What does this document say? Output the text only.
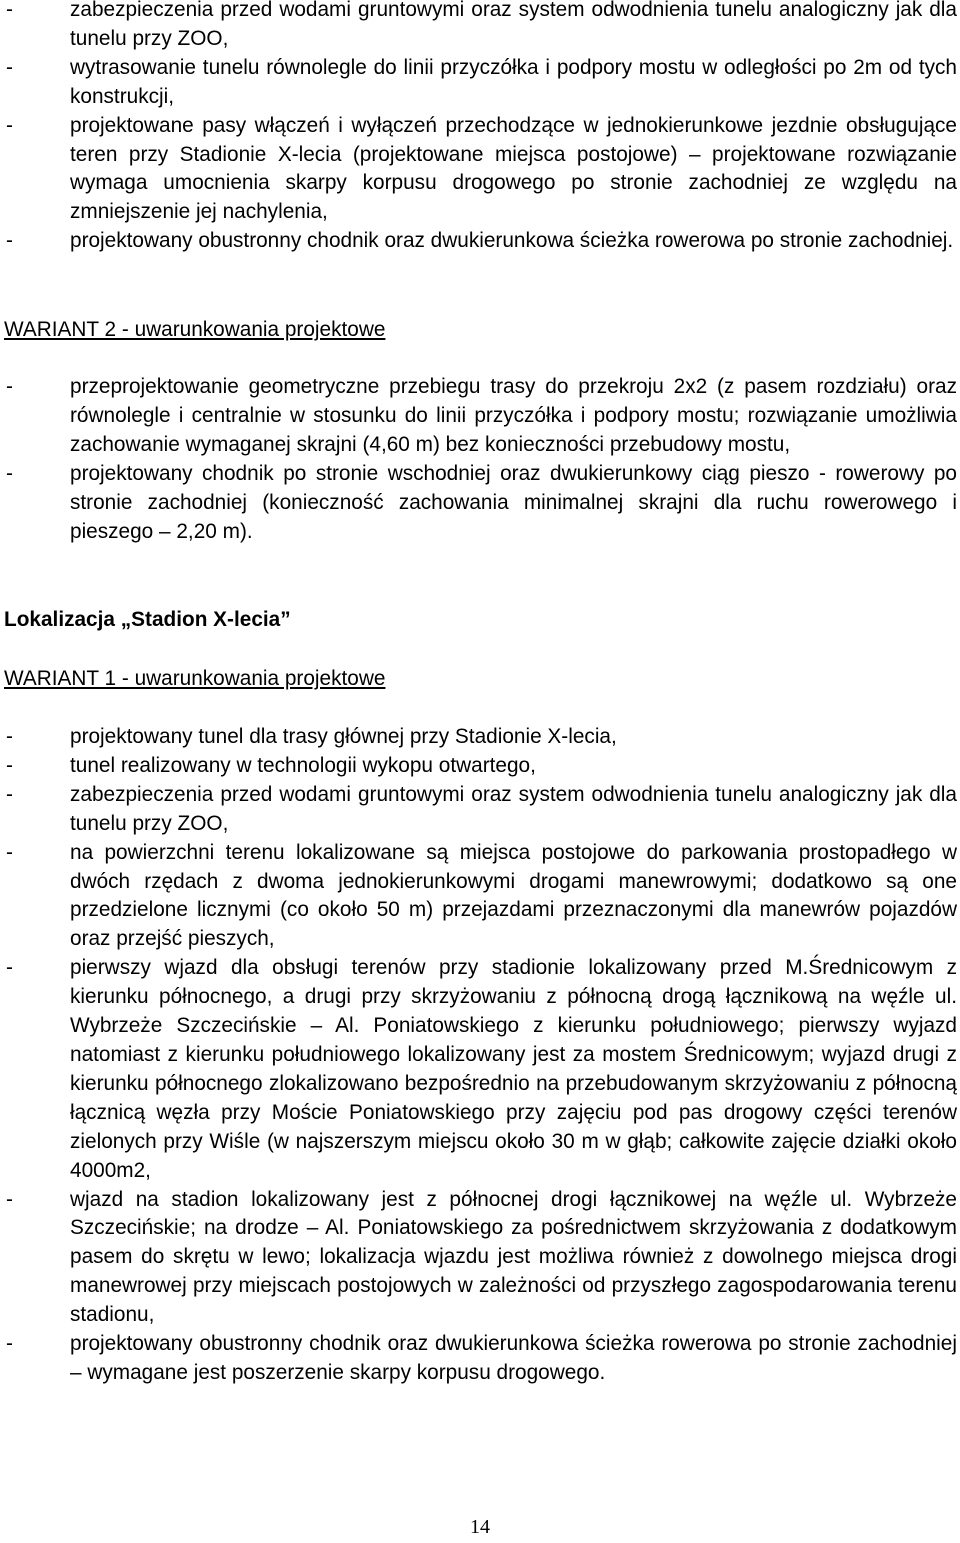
-	zabezpieczenia przed wodami gruntowymi oraz system odwodnienia tunelu analogiczny jak dla tunelu przy ZOO,
-	wytrasowanie tunelu równolegle do linii przyczółka i podpory mostu w odległości po 2m od tych konstrukcji,
-	projektowane pasy włączeń i wyłączeń przechodzące w jednokierunkowe jezdnie obsługujące teren przy Stadionie X-lecia (projektowane miejsca postojowe) – projektowane rozwiązanie wymaga umocnienia skarpy korpusu drogowego po stronie zachodniej ze względu na zmniejszenie jej nachylenia,
-	projektowany obustronny chodnik oraz dwukierunkowa ścieżka rowerowa po stronie zachodniej.

WARIANT 2 - uwarunkowania projektowe

-	przeprojektowanie geometryczne przebiegu trasy do przekroju 2x2 (z pasem rozdziału) oraz równolegle i centralnie w stosunku do linii przyczółka i podpory mostu; rozwiązanie umożliwia zachowanie wymaganej skrajni (4,60 m) bez konieczności przebudowy mostu,
-	projektowany chodnik po stronie wschodniej oraz dwukierunkowy ciąg pieszo - rowerowy po stronie zachodniej (konieczność zachowania minimalnej skrajni dla ruchu rowerowego i pieszego – 2,20 m).

Lokalizacja „Stadion X-lecia”

WARIANT 1 - uwarunkowania projektowe

-	projektowany tunel dla trasy głównej przy Stadionie X-lecia,
-	tunel realizowany w technologii wykopu otwartego,
-	zabezpieczenia przed wodami gruntowymi oraz system odwodnienia tunelu analogiczny jak dla tunelu przy ZOO,
-	na powierzchni terenu lokalizowane są miejsca postojowe do parkowania prostopadłego w dwóch rzędach z dwoma jednokierunkowymi drogami manewrowymi; dodatkowo są one przedzielone licznymi (co około 50 m) przejazdami przeznaczonymi dla manewrów pojazdów oraz przejść pieszych,
-	pierwszy wjazd dla obsługi terenów przy stadionie lokalizowany przed M.Średnicowym z kierunku północnego, a drugi przy skrzyżowaniu z północną drogą łącznikową na węźle ul. Wybrzeże Szczecińskie – Al. Poniatowskiego z kierunku południowego; pierwszy wyjazd natomiast z kierunku południowego lokalizowany jest za mostem Średnicowym; wyjazd drugi z kierunku północnego zlokalizowano bezpośrednio na przebudowanym skrzyżowaniu z północną łącznicą węzła przy Moście Poniatowskiego przy zajęciu pod pas drogowy części terenów zielonych przy Wiśle (w najszerszym miejscu około 30 m w głąb; całkowite zajęcie działki około 4000m2,
-	wjazd na stadion lokalizowany jest z północnej drogi łącznikowej na węźle ul. Wybrzeże Szczecińskie; na drodze – Al. Poniatowskiego za pośrednictwem skrzyżowania z dodatkowym pasem do skrętu w lewo; lokalizacja wjazdu jest możliwa również z dowolnego miejsca drogi manewrowej przy miejscach postojowych w zależności od przyszłego zagospodarowania terenu stadionu,
-	projektowany obustronny chodnik oraz dwukierunkowa ścieżka rowerowa po stronie zachodniej – wymagane jest poszerzenie skarpy korpusu drogowego.
14
